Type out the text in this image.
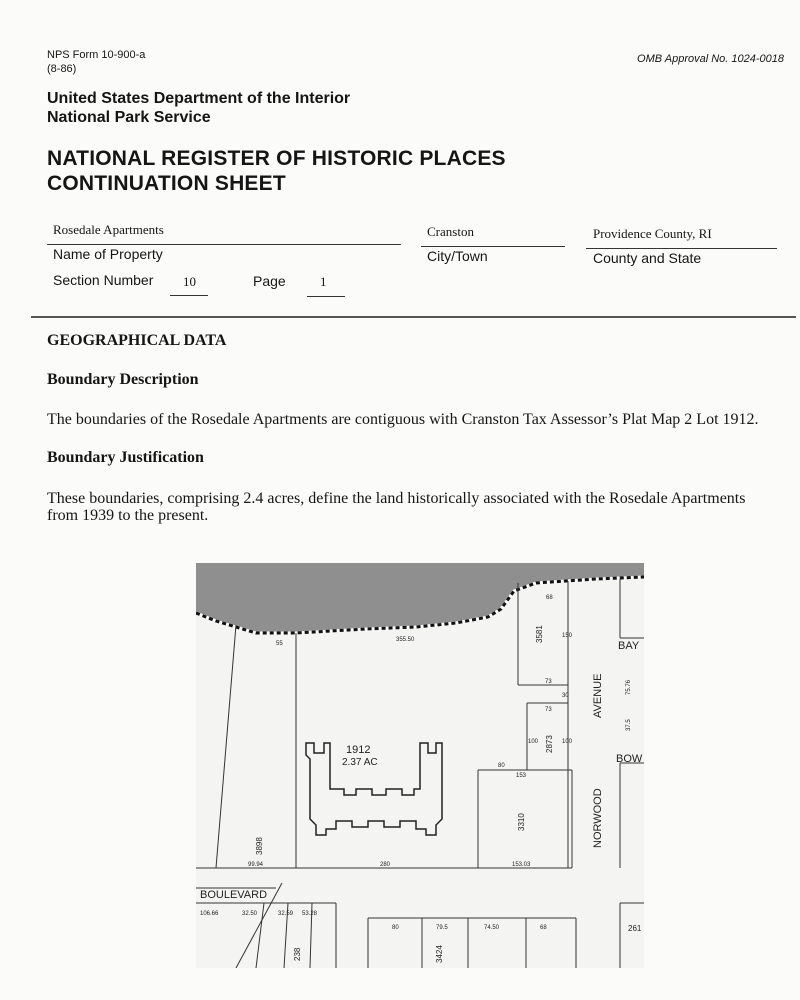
NPS Form 10-900-a
(8-86)
OMB Approval No. 1024-0018
United States Department of the Interior
National Park Service
NATIONAL REGISTER OF HISTORIC PLACES
CONTINUATION SHEET
Rosedale Apartments
Name of Property
Cranston
City/Town
Providence County, RI
County and State
Section Number 10	Page	1
GEOGRAPHICAL DATA
Boundary Description
The boundaries of the Rosedale Apartments are contiguous with Cranston Tax Assessor’s Plat Map 2 Lot 1912.
Boundary Justification
These boundaries, comprising 2.4 acres, define the land historically associated with the Rosedale Apartments
from 1939 to the present.
1912
2.37 AC
355.50
55
280
99.94	153.03
153
80
73
73
68
100	100
150
30
3581
2873
3310
3898
3424
261
BOULEVARD
NORWOOD
AVENUE
BAY
BOW
106.66	32.50	32.59 53.28
80	79.5	74.50	68
238
75.76
37.5
